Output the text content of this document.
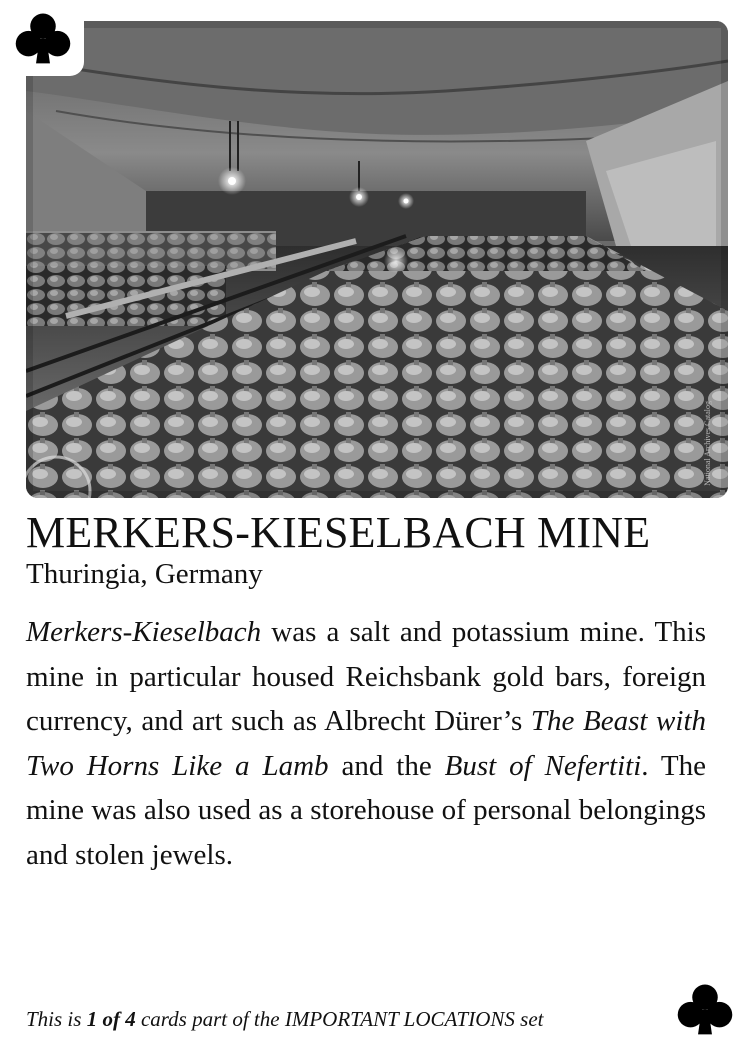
National Archives Catalog
MERKERS-KIESELBACH MINE
Thuringia, Germany

Merkers-Kieselbach was a salt and potassium mine. This mine in particular housed Reichsbank gold bars, foreign currency, and art such as Albrecht Dürer’s The Beast with Two Horns Like a Lamb and the Bust of Nefertiti. The mine was also used as a storehouse of personal belongings and stolen jewels.

This is 1 of 4 cards part of the IMPORTANT LOCATIONS set
